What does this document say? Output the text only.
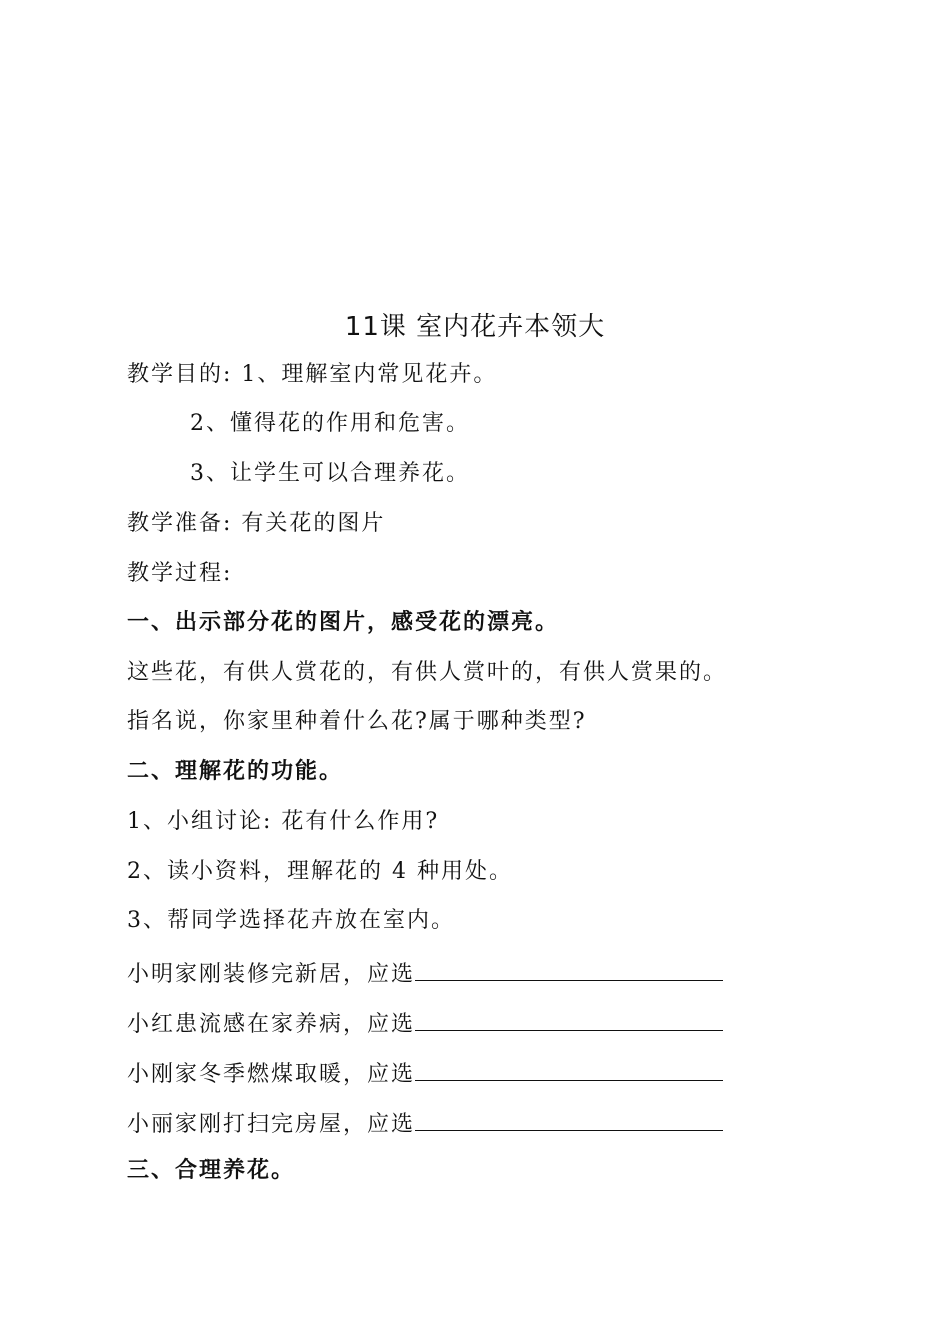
11课 室内花卉本领大
教学目的: 1、理解室内常见花卉。
2、懂得花的作用和危害。
3、让学生可以合理养花。
教学准备: 有关花的图片
教学过程:
一、出示部分花的图片，感受花的漂亮。
这些花，有供人赏花的，有供人赏叶的，有供人赏果的。
指名说，你家里种着什么花?属于哪种类型?
二、理解花的功能。
1、小组讨论: 花有什么作用?
2、读小资料，理解花的 4 种用处。
3、帮同学选择花卉放在室内。
小明家刚装修完新居，应选
小红患流感在家养病，应选
小刚家冬季燃煤取暖，应选
小丽家刚打扫完房屋，应选
三、合理养花。
